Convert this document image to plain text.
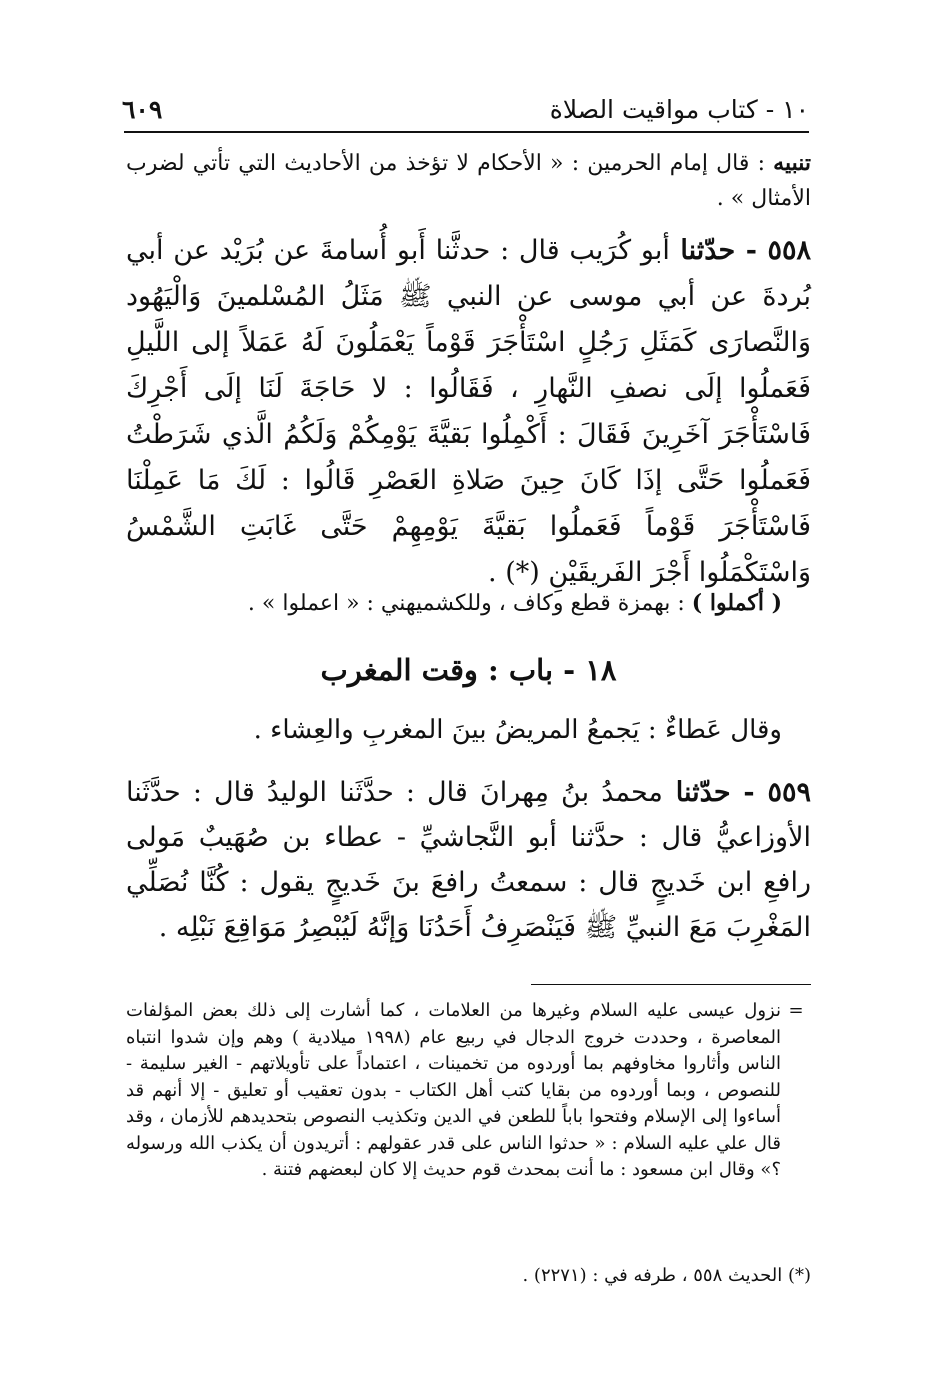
١٠ - كتاب مواقيت الصلاة
٦٠٩
تنبيه : قال إمام الحرمين : « الأحكام لا تؤخذ من الأحاديث التي تأتي لضرب الأمثال » .
٥٥٨ - حدّثنا أبو كُرَيب قال : حدثَّنا أَبو أُسامةَ عن بُرَيْد عن أبي بُردةَ عن أبي موسى عن النبي ﷺ مَثَلُ المُسْلمينَ وَالْيَهُود وَالنَّصارَى كَمَثَلِ رَجُلٍ اسْتَأْجَرَ قَوْماً يَعْمَلُونَ لَهُ عَمَلاً إلى اللَّيلِ فَعَملُوا إلَى نصفِ النَّهارِ ، فَقَالُوا : لا حَاجَةَ لَنَا إلَى أَجْرِكَ فَاسْتَأْجَرَ آخَرِينَ فَقَالَ : أَكْمِلُوا بَقيَّةَ يَوْمِكُمْ وَلَكُمُ الَّذي شَرَطْتُ فَعَملُوا حَتَّى إذَا كَانَ حِينَ صَلاةِ العَصْرِ قَالُوا : لَكَ مَا عَمِلْنَا فَاسْتَأْجَرَ قَوْماً فَعَملُوا بَقيَّةَ يَوْمِهِمْ حَتَّى غَابَتِ الشَّمْسُ وَاسْتَكْمَلُوا أَجْرَ الفَريقَيْنِ (*) .
( أكملوا ) : بهمزة قطع وكاف ، وللكشميهني : « اعملوا » .
١٨ - باب : وقت المغرب
وقال عَطاءٌ : يَجمعُ المريضُ بينَ المغربِ والعِشاء .
٥٥٩ - حدّثنا محمدُ بنُ مِهرانَ قال : حدَّثَنا الوليدُ قال : حدَّثَنا الأوزاعيُّ قال : حدَّثنا أبو النَّجاشيِّ - عطاء بن صُهَيبٌ مَولى رافعِ ابن خَديجٍ قال : سمعتُ رافعَ بنَ خَديجٍ يقول : كُنَّا نُصَلِّي المَغْرِبَ مَعَ النبيِّ ﷺ فَيَنْصَرِفُ أَحَدُنَا وَإنَّهُ لَيُبْصِرُ مَوَاقِعَ نَبْلِه .
=
نزول عيسى عليه السلام وغيرها من العلامات ، كما أشارت إلى ذلك بعض المؤلفات المعاصرة ، وحددت خروج الدجال في ربيع عام (١٩٩٨ ميلادية ) وهم وإن شدوا انتباه الناس وأثاروا مخاوفهم بما أوردوه من تخمينات ، اعتماداً على تأويلاتهم - الغير سليمة - للنصوص ، وبما أوردوه من بقايا كتب أهل الكتاب - بدون تعقيب أو تعليق - إلا أنهم قد أساءوا إلى الإسلام وفتحوا باباً للطعن في الدين وتكذيب النصوص بتحديدهم للأزمان ، وقد قال علي عليه السلام : « حدثوا الناس على قدر عقولهم : أتريدون أن يكذب الله ورسوله ؟» وقال ابن مسعود : ما أنت بمحدث قوم حديث إلا كان لبعضهم فتنة .
(*) الحديث ٥٥٨ ، طرفه في : (٢٢٧١) .
